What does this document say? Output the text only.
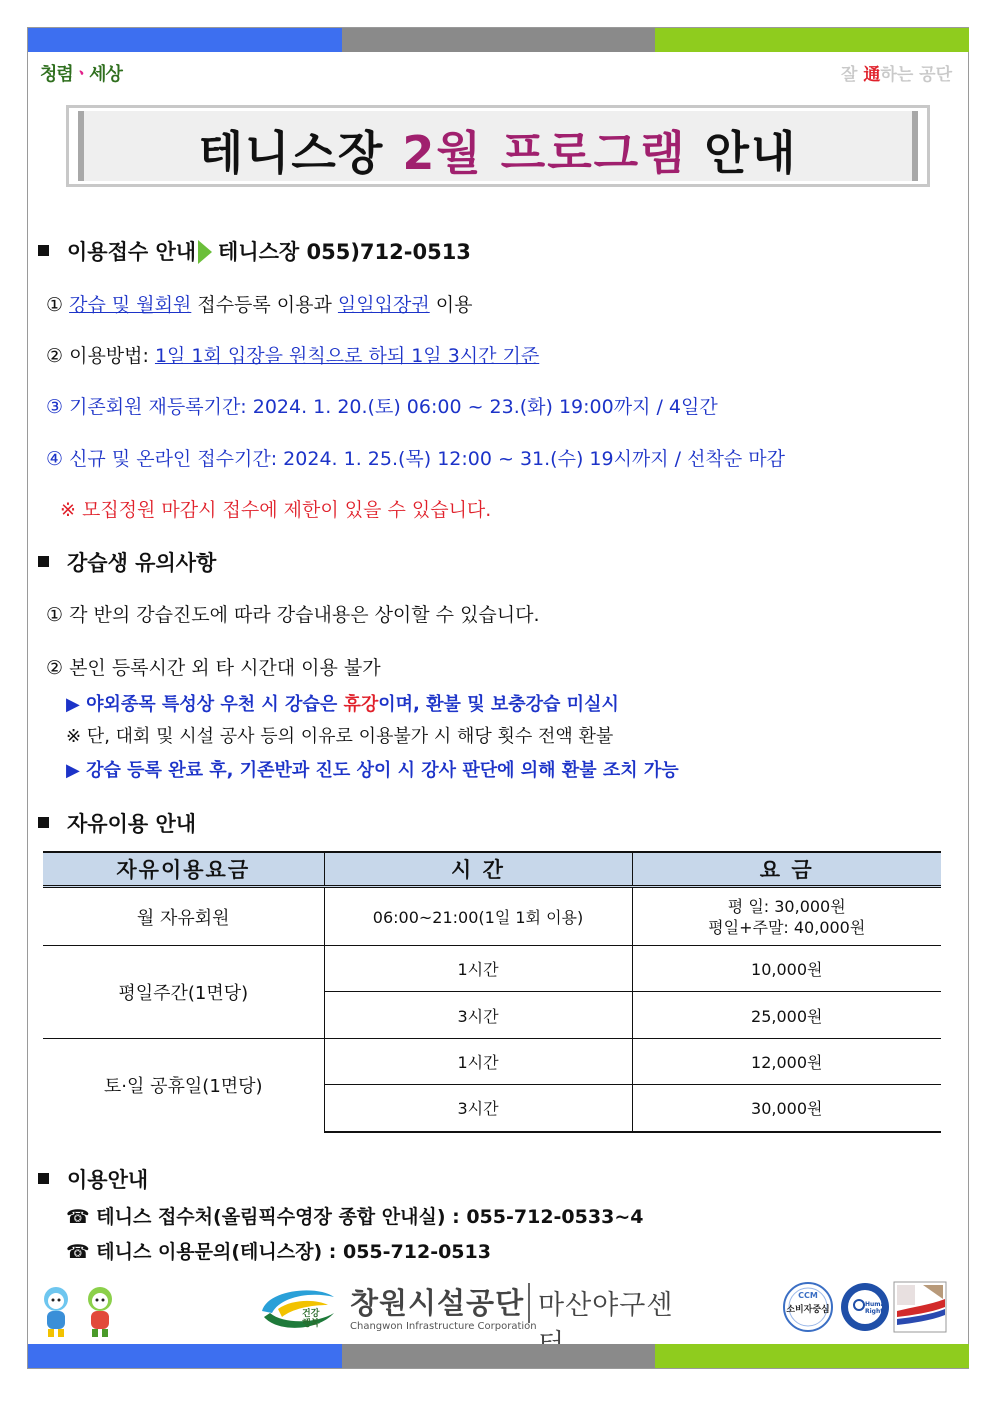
청렴ㆍ세상	잘 通하는 공단
테니스장 2월 프로그램 안내
이용접수 안내 테니스장 055)712-0513
① 강습 및 월회원 접수등록 이용과 일일입장권 이용
② 이용방법: 1일 1회 입장을 원칙으로 하되 1일 3시간 기준
③ 기존회원 재등록기간: 2024. 1. 20.(토) 06:00 ~ 23.(화) 19:00까지 / 4일간
④ 신규 및 온라인 접수기간: 2024. 1. 25.(목) 12:00 ~ 31.(수) 19시까지 / 선착순 마감
※ 모집정원 마감시 접수에 제한이 있을 수 있습니다.
강습생 유의사항
① 각 반의 강습진도에 따라 강습내용은 상이할 수 있습니다.
② 본인 등록시간 외 타 시간대 이용 불가
▶ 야외종목 특성상 우천 시 강습은 휴강이며, 환불 및 보충강습 미실시
※ 단, 대회 및 시설 공사 등의 이유로 이용불가 시 해당 횟수 전액 환불
▶ 강습 등록 완료 후, 기존반과 진도 상이 시 강사 판단에 의해 환불 조치 가능
자유이용 안내
자유이용요금	시 간	요 금
월 자유회원	06:00~21:00(1일 1회 이용)	평 일: 30,000원
평일+주말: 40,000원

평일주간(1면당)	1시간	10,000원
	3시간	25,000원
토·일 공휴일(1면당)	1시간	12,000원
	3시간	30,000원
이용안내
☎ 테니스 접수처(올림픽수영장 종합 안내실) : 055-712-0533~4
☎ 테니스 이용문의(테니스장) : 055-712-0513
건강
행복
창원시설공단
Changwon Infrastructure Corporation
마산야구센	CCM
소비자중심
Human Rights
